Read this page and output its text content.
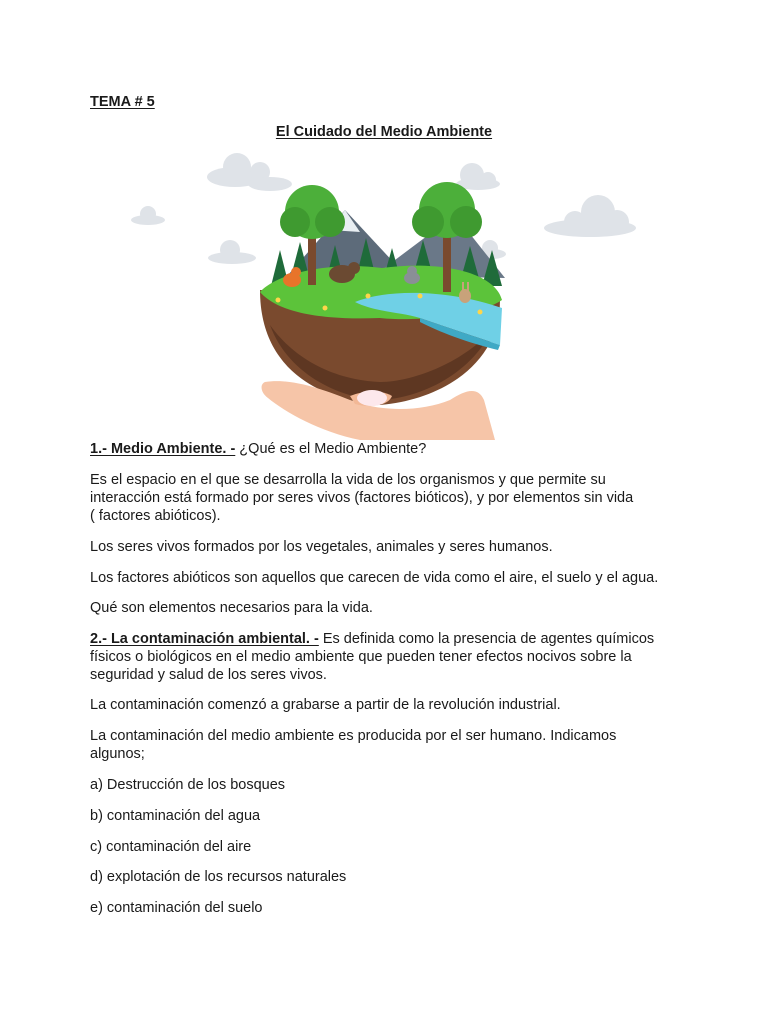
TEMA # 5
El Cuidado del Medio Ambiente

1.- Medio Ambiente. - ¿Qué es el Medio Ambiente?

Es el espacio en el que se desarrolla la vida de los organismos y que permite su
interacción está formado por seres vivos (factores bióticos), y por elementos sin vida
( factores abióticos).

Los seres vivos formados por los vegetales, animales y seres humanos.

Los factores abióticos son aquellos que carecen de vida como el aire, el suelo y el agua.

Qué son elementos necesarios para la vida.

2.- La contaminación ambiental. - Es definida como la presencia de agentes químicos
físicos o biológicos en el medio ambiente que pueden tener efectos nocivos sobre la
seguridad y salud de los seres vivos.

La contaminación comenzó a grabarse a partir de la revolución industrial.

La contaminación del medio ambiente es producida por el ser humano. Indicamos
algunos;

a) Destrucción de los bosques

b) contaminación del agua

c) contaminación del aire

d) explotación de los recursos naturales

e) contaminación del suelo
